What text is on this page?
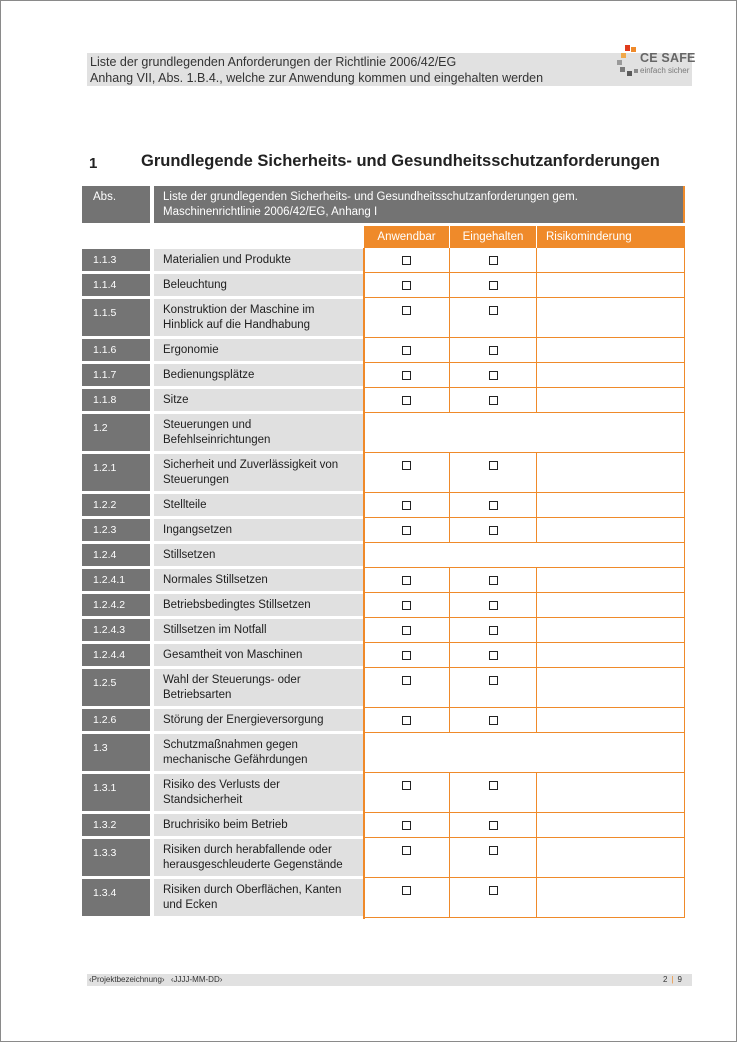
Liste der grundlegenden Anforderungen der Richtlinie 2006/42/EG
Anhang VII, Abs. 1.B.4., welche zur Anwendung kommen und eingehalten werden
CE SAFE
einfach sicher
1	Grundlegende Sicherheits- und Gesundheitsschutzanforderungen
Abs.	Liste der grundlegenden Sicherheits- und Gesundheitsschutzanforderungen gem.
Maschinenrichtlinie 2006/42/EG, Anhang I
Anwendbar	Eingehalten	Risikominderung
1.1.3	Materialien und Produkte
1.1.4	Beleuchtung
1.1.5	Konstruktion der Maschine im
Hinblick auf die Handhabung
1.1.6	Ergonomie
1.1.7	Bedienungsplätze
1.1.8	Sitze
1.2	Steuerungen und
Befehlseinrichtungen
1.2.1	Sicherheit und Zuverlässigkeit von
Steuerungen
1.2.2	Stellteile
1.2.3	Ingangsetzen
1.2.4	Stillsetzen
1.2.4.1	Normales Stillsetzen
1.2.4.2	Betriebsbedingtes Stillsetzen
1.2.4.3	Stillsetzen im Notfall
1.2.4.4	Gesamtheit von Maschinen
1.2.5	Wahl der Steuerungs- oder
Betriebsarten
1.2.6	Störung der Energieversorgung
1.3	Schutzmaßnahmen gegen
mechanische Gefährdungen
1.3.1	Risiko des Verlusts der
Standsicherheit
1.3.2	Bruchrisiko beim Betrieb
1.3.3	Risiken durch herabfallende oder
herausgeschleuderte Gegenstände
1.3.4	Risiken durch Oberflächen, Kanten
und Ecken
‹Projektbezeichnung› ‹JJJJ-MM-DD›	2 | 9
